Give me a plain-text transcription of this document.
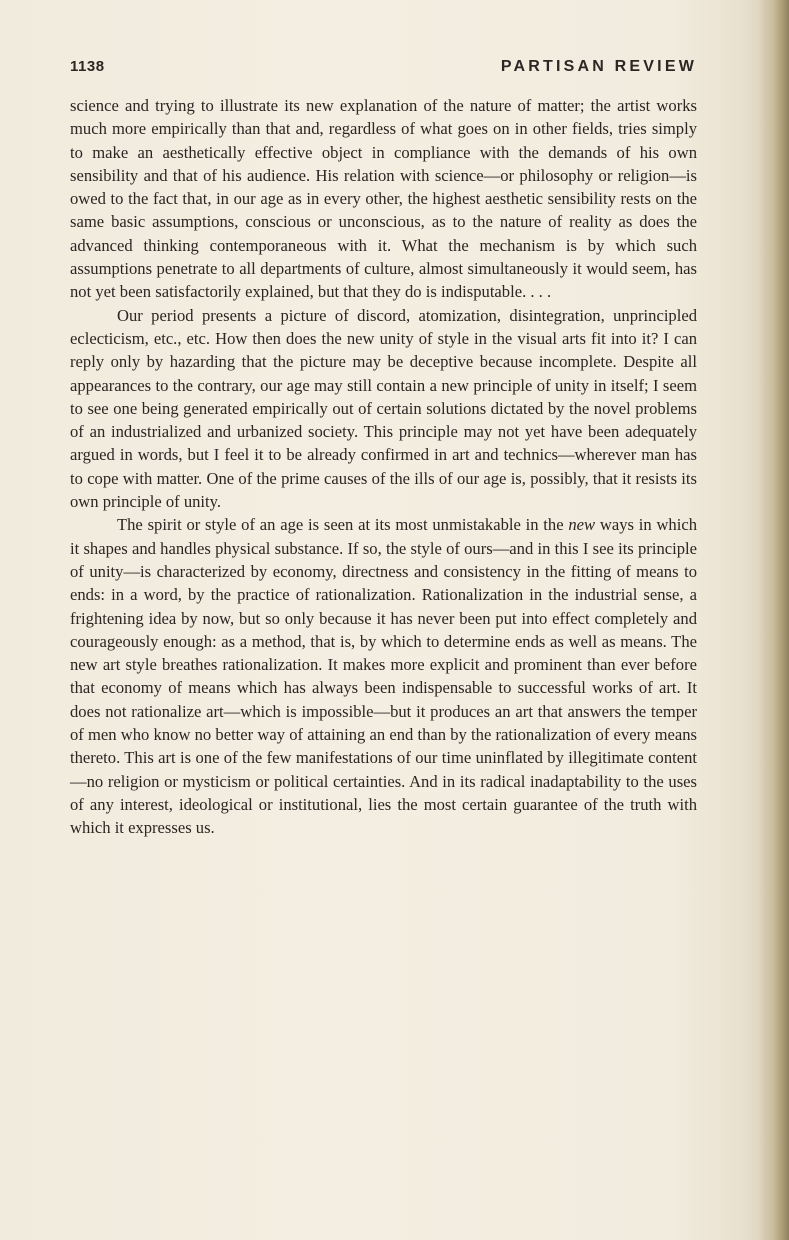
1138	PARTISAN REVIEW

science and trying to illustrate its new explanation of the nature of matter; the artist works much more empirically than that and, regardless of what goes on in other fields, tries simply to make an aesthetically effective object in compliance with the demands of his own sensibility and that of his audience. His relation with science—or philosophy or religion—is owed to the fact that, in our age as in every other, the highest aesthetic sensibility rests on the same basic assumptions, conscious or unconscious, as to the nature of reality as does the advanced thinking contemporaneous with it. What the mechanism is by which such assumptions penetrate to all departments of culture, almost simultaneously it would seem, has not yet been satisfactorily explained, but that they do is indisputable. . . .

Our period presents a picture of discord, atomization, disintegration, unprincipled eclecticism, etc., etc. How then does the new unity of style in the visual arts fit into it? I can reply only by hazarding that the picture may be deceptive because incomplete. Despite all appearances to the contrary, our age may still contain a new principle of unity in itself; I seem to see one being generated empirically out of certain solutions dictated by the novel problems of an industrialized and urbanized society. This principle may not yet have been adequately argued in words, but I feel it to be already confirmed in art and technics—wherever man has to cope with matter. One of the prime causes of the ills of our age is, possibly, that it resists its own principle of unity.

The spirit or style of an age is seen at its most unmistakable in the new ways in which it shapes and handles physical substance. If so, the style of ours—and in this I see its principle of unity—is characterized by economy, directness and consistency in the fitting of means to ends: in a word, by the practice of rationalization. Rationalization in the industrial sense, a frightening idea by now, but so only because it has never been put into effect completely and courageously enough: as a method, that is, by which to determine ends as well as means. The new art style breathes rationalization. It makes more explicit and prominent than ever before that economy of means which has always been indispensable to successful works of art. It does not rationalize art—which is impossible—but it produces an art that answers the temper of men who know no better way of attaining an end than by the rationalization of every means thereto. This art is one of the few manifestations of our time uninflated by illegitimate content—no religion or mysticism or political certainties. And in its radical inadaptability to the uses of any interest, ideological or institutional, lies the most certain guarantee of the truth with which it expresses us.
